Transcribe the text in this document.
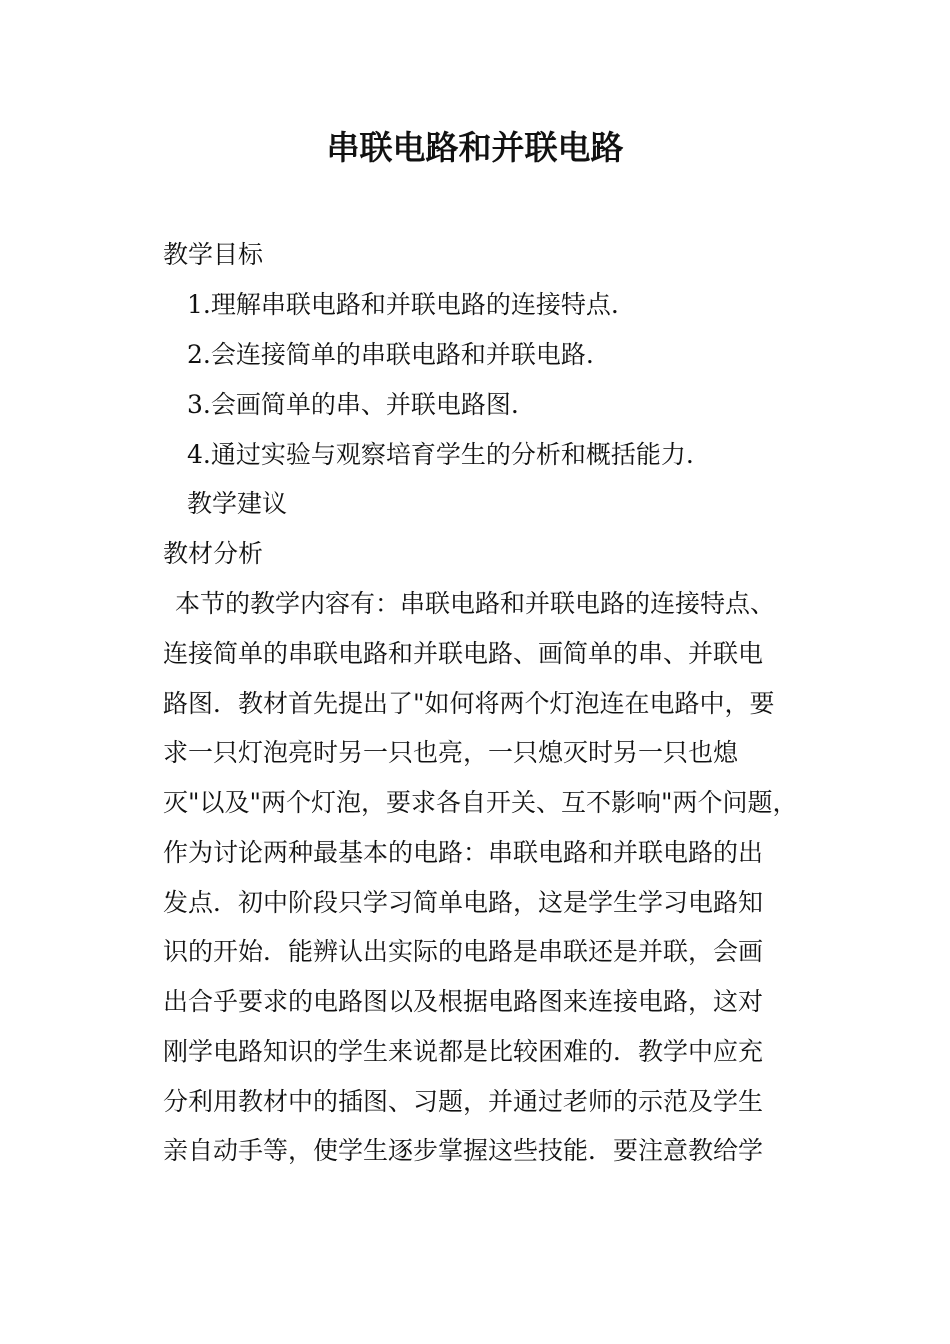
串联电路和并联电路

教学目标

1.理解串联电路和并联电路的连接特点.

2.会连接简单的串联电路和并联电路.

3.会画简单的串、并联电路图.

4.通过实验与观察培育学生的分析和概括能力.

教学建议

教材分析

本节的教学内容有：串联电路和并联电路的连接特点、

连接简单的串联电路和并联电路、画简单的串、并联电

路图．教材首先提出了"如何将两个灯泡连在电路中，要

求一只灯泡亮时另一只也亮，一只熄灭时另一只也熄

灭"以及"两个灯泡，要求各自开关、互不影响"两个问题，

作为讨论两种最基本的电路：串联电路和并联电路的出

发点．初中阶段只学习简单电路，这是学生学习电路知

识的开始．能辨认出实际的电路是串联还是并联，会画

出合乎要求的电路图以及根据电路图来连接电路，这对

刚学电路知识的学生来说都是比较困难的．教学中应充

分利用教材中的插图、习题，并通过老师的示范及学生

亲自动手等，使学生逐步掌握这些技能．要注意教给学
